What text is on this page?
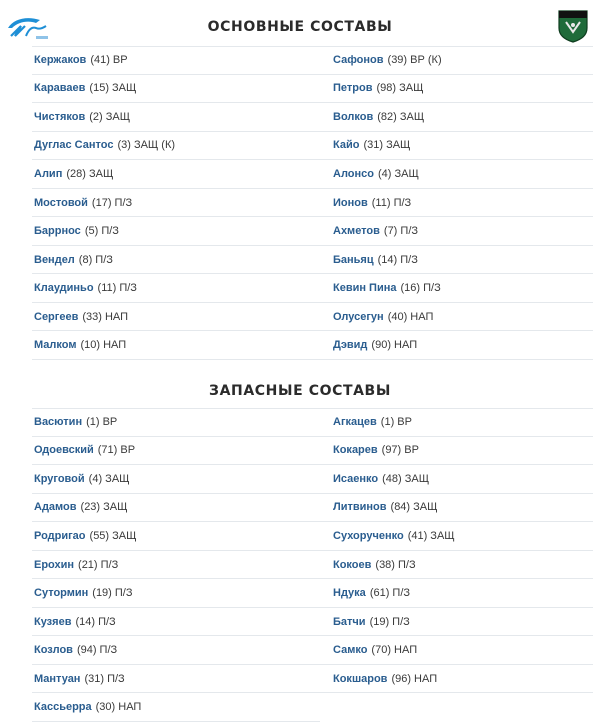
ОСНОВНЫЕ СОСТАВЫ
Кержаков (41) ВР
Караваев (15) ЗАЩ
Чистяков (2) ЗАЩ
Дуглас Сантос (3) ЗАЩ (К)
Алип (28) ЗАЩ
Мостовой (17) П/З
Баррнос (5) П/З
Вендел (8) П/З
Клаудиньо (11) П/З
Сергеев (33) НАП
Малком (10) НАП
Сафонов (39) ВР (К)
Петров (98) ЗАЩ
Волков (82) ЗАЩ
Кайо (31) ЗАЩ
Алонсо (4) ЗАЩ
Ионов (11) П/З
Ахметов (7) П/З
Баньяц (14) П/З
Кевин Пина (16) П/З
Олусегун (40) НАП
Дэвид (90) НАП
ЗАПАСНЫЕ СОСТАВЫ
Васютин (1) ВР
Одоевский (71) ВР
Круговой (4) ЗАЩ
Адамов (23) ЗАЩ
Родригао (55) ЗАЩ
Ерохин (21) П/З
Сутормин (19) П/З
Кузяев (14) П/З
Козлов (94) П/З
Мантуан (31) П/З
Кассьерра (30) НАП
Агкацев (1) ВР
Кокарев (97) ВР
Исаенко (48) ЗАЩ
Литвинов (84) ЗАЩ
Сухорученко (41) ЗАЩ
Кокоев (38) П/З
Ндука (61) П/З
Батчи (19) П/З
Самко (70) НАП
Кокшаров (96) НАП
